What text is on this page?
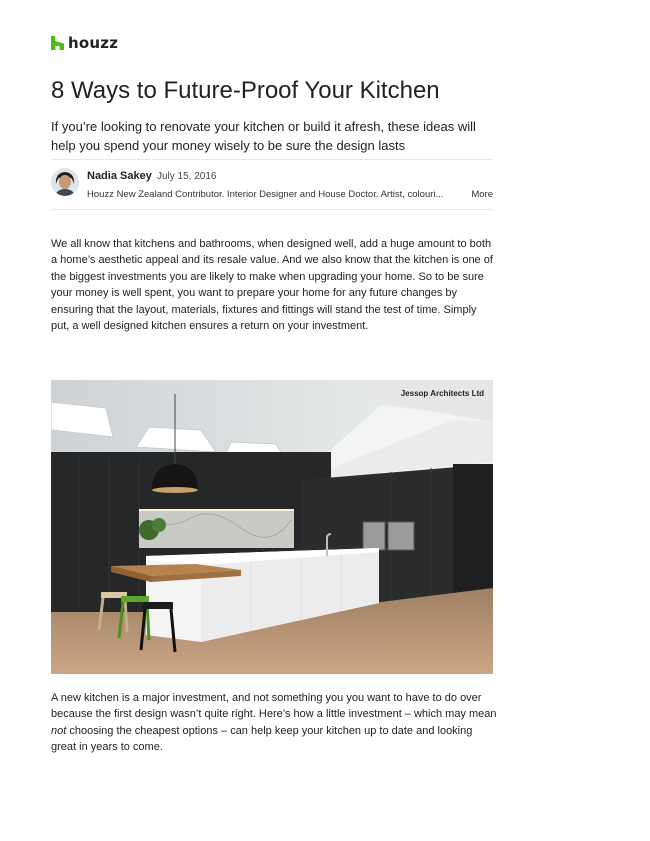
houzz
8 Ways to Future-Proof Your Kitchen

If you’re looking to renovate your kitchen or build it afresh, these ideas will help you spend your money wisely to be sure the design lasts

Nadia Sakey July 15, 2016
Houzz New Zealand Contributor. Interior Designer and House Doctor. Artist, colouri...	More

We all know that kitchens and bathrooms, when designed well, add a huge amount to both a home’s aesthetic appeal and its resale value. And we also know that the kitchen is one of the biggest investments you are likely to make when upgrading your home. So to be sure your money is well spent, you want to prepare your home for any future changes by ensuring that the layout, materials, fixtures and fittings will stand the test of time. Simply put, a well designed kitchen ensures a return on your investment.

Jessop Architects Ltd

A new kitchen is a major investment, and not something you you want to have to do over because the first design wasn’t quite right. Here’s how a little investment – which may mean not choosing the cheapest options – can help keep your kitchen up to date and looking great in years to come.
